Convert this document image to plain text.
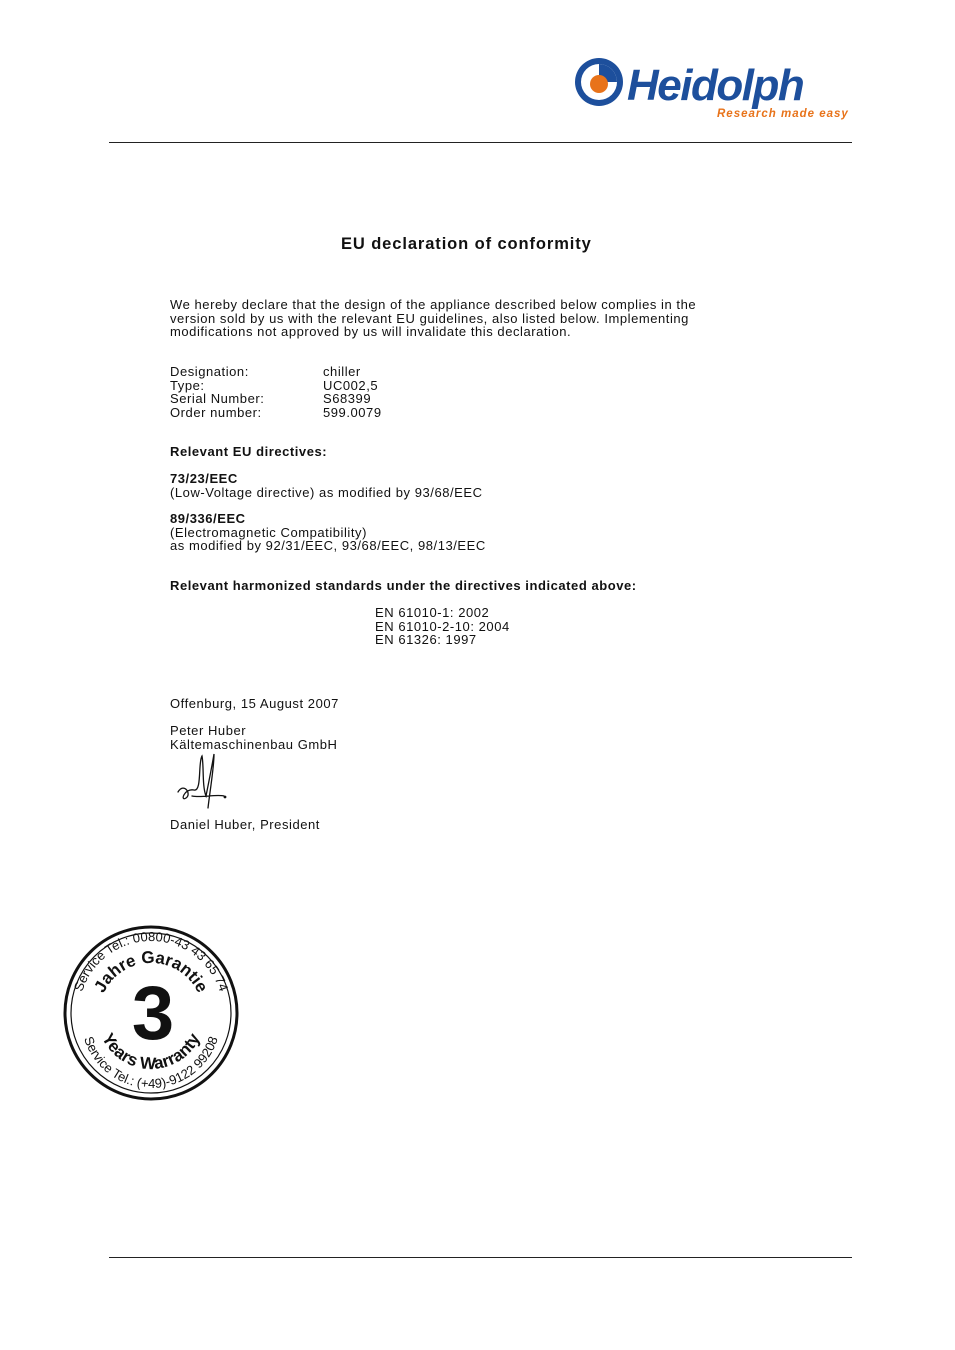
Heidolph
Research made easy
EU declaration of conformity
We hereby declare that the design of the appliance described below complies in the
version sold by us with the relevant EU guidelines, also listed below. Implementing
modifications not approved by us will invalidate this declaration.
Designation:	chiller
Type:	UC002,5
Serial Number:	S68399
Order number:	599.0079
Relevant EU directives:
73/23/EEC
(Low-Voltage directive) as modified by 93/68/EEC
89/336/EEC
(Electromagnetic Compatibility)
as modified by 92/31/EEC, 93/68/EEC, 98/13/EEC
Relevant harmonized standards under the directives indicated above:
EN 61010-1: 2002
EN 61010-2-10: 2004
EN 61326: 1997
Offenburg, 15 August 2007
Peter Huber
Kältemaschinenbau GmbH
Daniel Huber, President
Service Tel.: 00800-43 43 65 74
Service Tel.: (+49)-9122 99208
Jahre Garantie
Years Warranty
3
